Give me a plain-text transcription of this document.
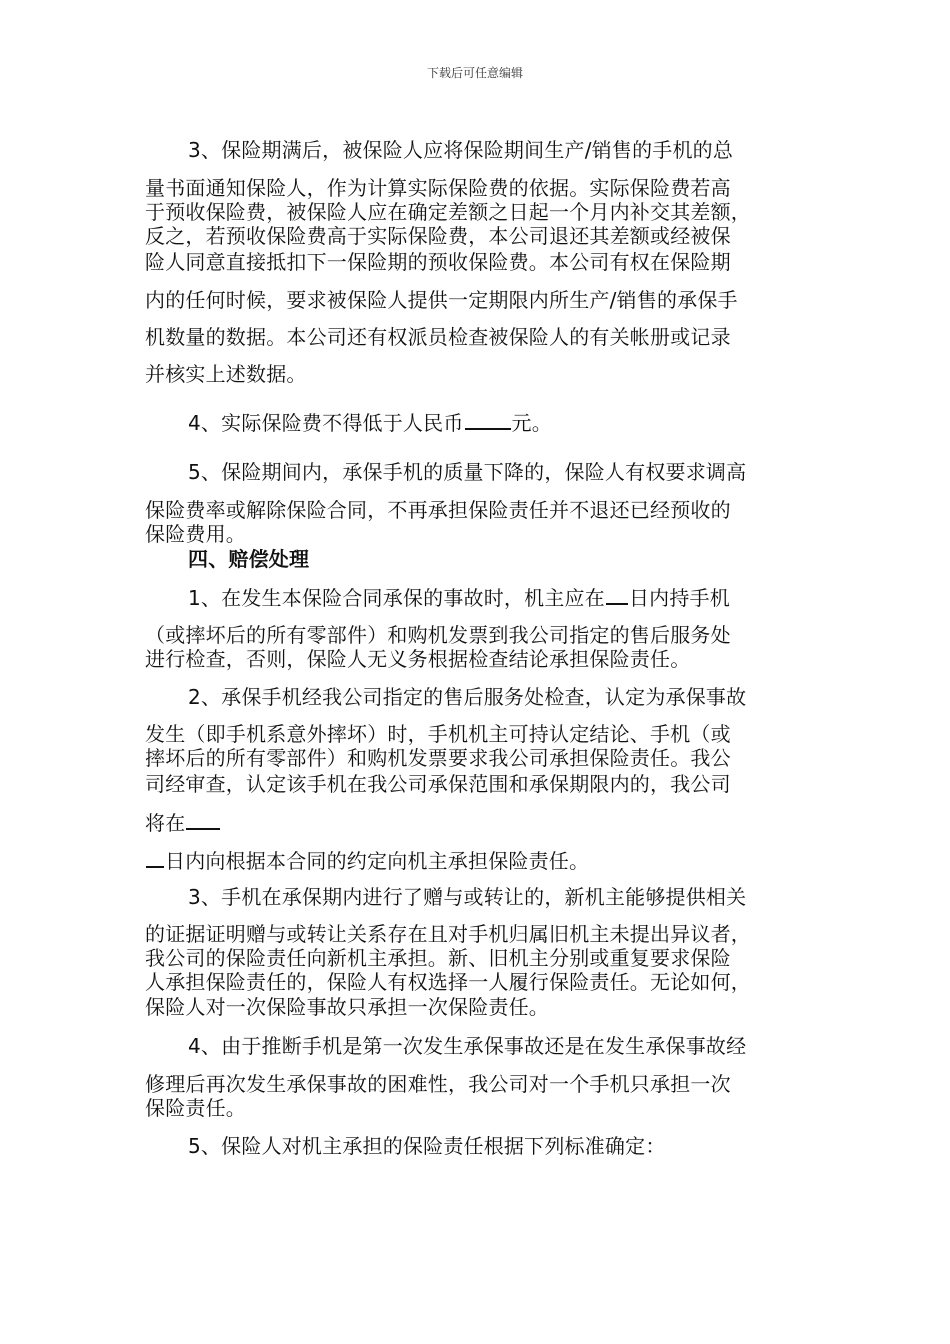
下载后可任意编辑
3、保险期满后，被保险人应将保险期间生产/销售的手机的总
量书面通知保险人，作为计算实际保险费的依据。实际保险费若高
于预收保险费，被保险人应在确定差额之日起一个月内补交其差额，
反之，若预收保险费高于实际保险费，本公司退还其差额或经被保
险人同意直接抵扣下一保险期的预收保险费。本公司有权在保险期
内的任何时候，要求被保险人提供一定期限内所生产/销售的承保手
机数量的数据。本公司还有权派员检查被保险人的有关帐册或记录
并核实上述数据。
4、实际保险费不得低于人民币 元。
5、保险期间内，承保手机的质量下降的，保险人有权要求调高
保险费率或解除保险合同，不再承担保险责任并不退还已经预收的
保险费用。
四、赔偿处理
1、在发生本保险合同承保的事故时，机主应在 日内持手机
（或摔坏后的所有零部件）和购机发票到我公司指定的售后服务处
进行检查，否则，保险人无义务根据检查结论承担保险责任。
2、承保手机经我公司指定的售后服务处检查，认定为承保事故
发生（即手机系意外摔坏）时，手机机主可持认定结论、手机（或
摔坏后的所有零部件）和购机发票要求我公司承担保险责任。我公
司经审查，认定该手机在我公司承保范围和承保期限内的，我公司
将在
日内向根据本合同的约定向机主承担保险责任。
3、手机在承保期内进行了赠与或转让的，新机主能够提供相关
的证据证明赠与或转让关系存在且对手机归属旧机主未提出异议者，
我公司的保险责任向新机主承担。新、旧机主分别或重复要求保险
人承担保险责任的，保险人有权选择一人履行保险责任。无论如何，
保险人对一次保险事故只承担一次保险责任。
4、由于推断手机是第一次发生承保事故还是在发生承保事故经
修理后再次发生承保事故的困难性，我公司对一个手机只承担一次
保险责任。
5、保险人对机主承担的保险责任根据下列标准确定：
